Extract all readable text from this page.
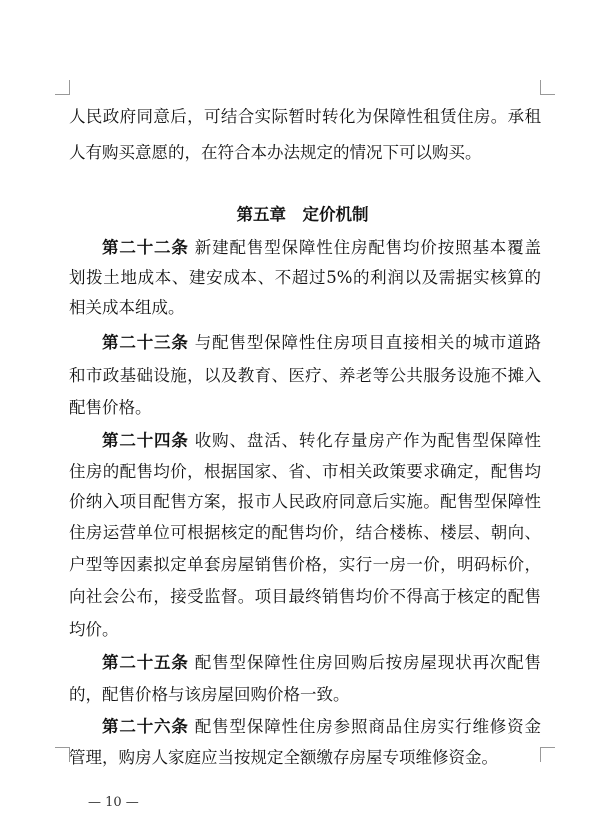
人民政府同意后，可结合实际暂时转化为保障性租赁住房。承租
人有购买意愿的，在符合本办法规定的情况下可以购买。
第五章　定价机制
第二十二条 新建配售型保障性住房配售均价按照基本覆盖
划拨土地成本、建安成本、不超过5%的利润以及需据实核算的
相关成本组成。
第二十三条 与配售型保障性住房项目直接相关的城市道路
和市政基础设施，以及教育、医疗、养老等公共服务设施不摊入
配售价格。
第二十四条 收购、盘活、转化存量房产作为配售型保障性
住房的配售均价，根据国家、省、市相关政策要求确定，配售均
价纳入项目配售方案，报市人民政府同意后实施。配售型保障性
住房运营单位可根据核定的配售均价，结合楼栋、楼层、朝向、
户型等因素拟定单套房屋销售价格，实行一房一价，明码标价，
向社会公布，接受监督。项目最终销售均价不得高于核定的配售
均价。
第二十五条 配售型保障性住房回购后按房屋现状再次配售
的，配售价格与该房屋回购价格一致。
第二十六条 配售型保障性住房参照商品住房实行维修资金
管理，购房人家庭应当按规定全额缴存房屋专项维修资金。
— 10 —
